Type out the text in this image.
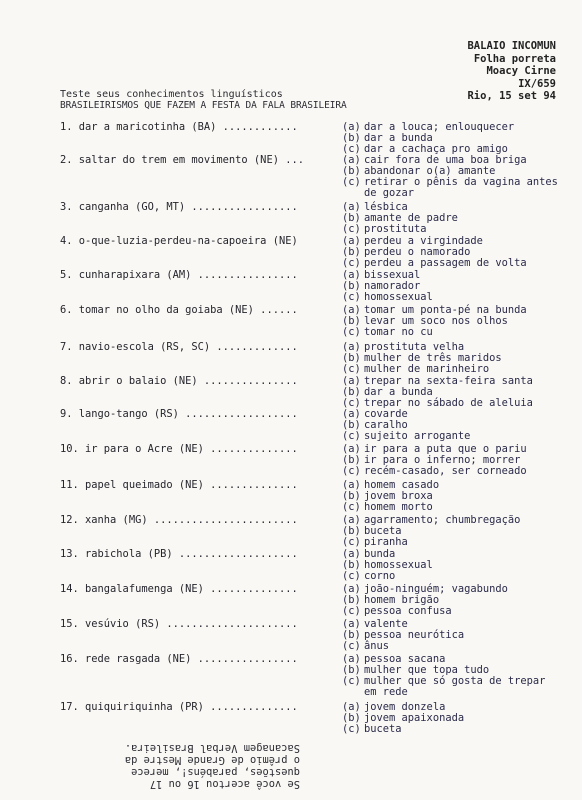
BALAIO INCOMUN
Folha porreta
Moacy Cirne
IX/659
Rio, 15 set 94
Teste seus conhecimentos linguísticos
BRASILEIRISMOS QUE FAZEM A FESTA DA FALA BRASILEIRA
1. dar a maricotinha (BA) ............	(a) dar a louca; enlouquecer
(b) dar a bunda
(c) dar a cachaça pro amigo
2. saltar do trem em movimento (NE) ...	(a) cair fora de uma boa briga
(b) abandonar o(a) amante
(c) retirar o pênis da vagina antes de gozar
3. canganha (GO, MT) .................	(a) lésbica
(b) amante de padre
(c) prostituta
4. o-que-luzia-perdeu-na-capoeira (NE)	(a) perdeu a virgindade
(b) perdeu o namorado
(c) perdeu a passagem de volta
5. cunharapixara (AM) ................	(a) bissexual
(b) namorador
(c) homossexual
6. tomar no olho da goiaba (NE) ......	(a) tomar um ponta-pé na bunda
(b) levar um soco nos olhos
(c) tomar no cu
7. navio-escola (RS, SC) .............	(a) prostituta velha
(b) mulher de três maridos
(c) mulher de marinheiro
8. abrir o balaio (NE) ...............	(a) trepar na sexta-feira santa
(b) dar a bunda
(c) trepar no sábado de aleluia
9. lango-tango (RS) ..................	(a) covarde
(b) caralho
(c) sujeito arrogante
10. ir para o Acre (NE) ..............	(a) ir para a puta que o pariu
(b) ir para o inferno; morrer
(c) recém-casado, ser corneado
11. papel queimado (NE) ..............	(a) homem casado
(b) jovem broxa
(c) homem morto
12. xanha (MG) .......................	(a) agarramento; chumbregação
(b) buceta
(c) piranha
13. rabichola (PB) ...................	(a) bunda
(b) homossexual
(c) corno
14. bangalafumenga (NE) ..............	(a) joão-ninguém; vagabundo
(b) homem brigão
(c) pessoa confusa
15. vesúvio (RS) .....................	(a) valente
(b) pessoa neurótica
(c) ânus
16. rede rasgada (NE) ................	(a) pessoa sacana
(b) mulher que topa tudo
(c) mulher que só gosta de trepar em rede
17. quiquiriquinha (PR) ..............	(a) jovem donzela
(b) jovem apaixonada
(c) buceta
Se você acertou 16 ou 17
questões, parabéns!, merece
o prêmio de Grande Mestre da
Sacanagem Verbal Brasileira.
